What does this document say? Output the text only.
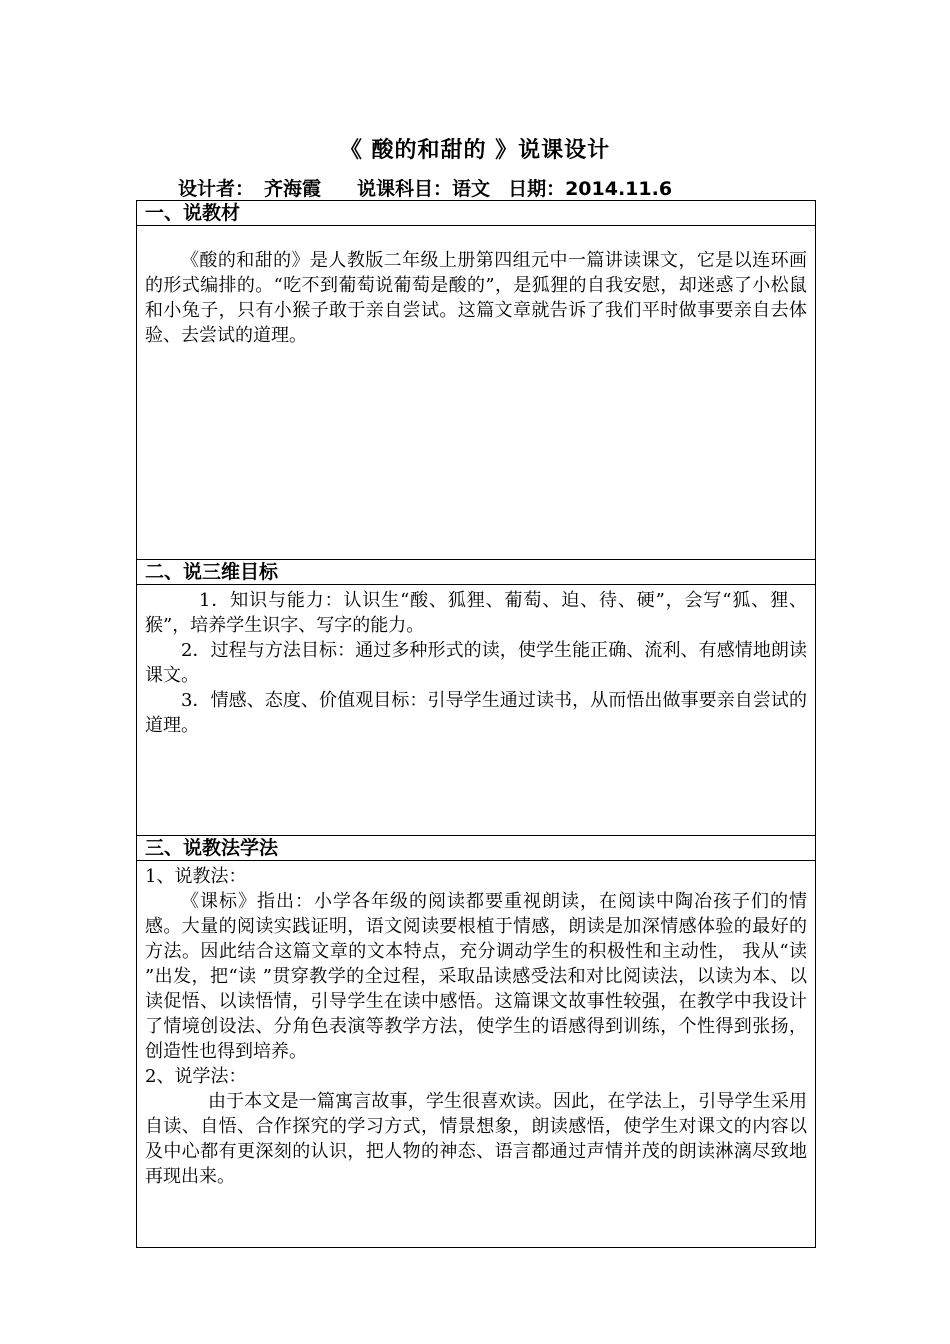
《 酸的和甜的 》说课设计
设计者： 齐海霞 说课科目：语文 日期：2014.11.6
一、说教材

《酸的和甜的》是人教版二年级上册第四组元中一篇讲读课文，它是以连环画的形式编排的。“吃不到葡萄说葡萄是酸的”，是狐狸的自我安慰，却迷惑了小松鼠和小兔子，只有小猴子敢于亲自尝试。这篇文章就告诉了我们平时做事要亲自去体验、去尝试的道理。

二、说三维目标

1．知识与能力：认识生“酸、狐狸、葡萄、迫、待、硬”，会写“狐、狸、猴”，培养学生识字、写字的能力。

2．过程与方法目标：通过多种形式的读，使学生能正确、流利、有感情地朗读课文。

3．情感、态度、价值观目标：引导学生通过读书，从而悟出做事要亲自尝试的道理。

三、说教法学法

1、说教法：

《课标》指出：小学各年级的阅读都要重视朗读，在阅读中陶冶孩子们的情感。大量的阅读实践证明，语文阅读要根植于情感，朗读是加深情感体验的最好的方法。因此结合这篇文章的文本特点，充分调动学生的积极性和主动性， 我从“读 ”出发，把“读 ”贯穿教学的全过程，采取品读感受法和对比阅读法，以读为本、以读促悟、以读悟情，引导学生在读中感悟。这篇课文故事性较强，在教学中我设计了情境创设法、分角色表演等教学方法，使学生的语感得到训练，个性得到张扬，创造性也得到培养。

2、说学法：

由于本文是一篇寓言故事，学生很喜欢读。因此，在学法上，引导学生采用自读、自悟、合作探究的学习方式，情景想象，朗读感悟，使学生对课文的内容以及中心都有更深刻的认识，把人物的神态、语言都通过声情并茂的朗读淋漓尽致地再现出来。
